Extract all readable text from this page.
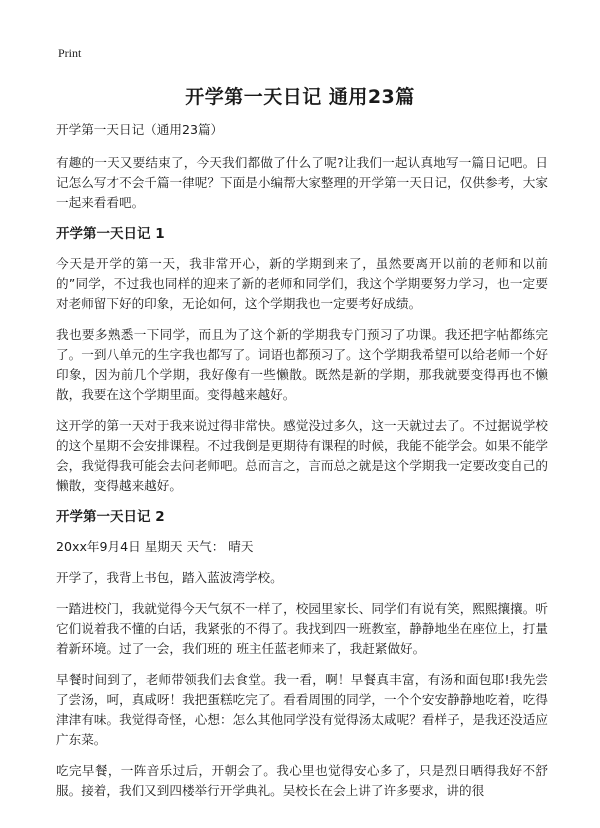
Print
开学第一天日记 通用23篇

开学第一天日记（通用23篇）

有趣的一天又要结束了，今天我们都做了什么了呢?让我们一起认真地写一篇日记吧。日记怎么写才不会千篇一律呢？下面是小编帮大家整理的开学第一天日记，仅供参考，大家一起来看看吧。

开学第一天日记 1

今天是开学的第一天，我非常开心，新的学期到来了，虽然要离开以前的老师和以前的”同学，不过我也同样的迎来了新的老师和同学们，我这个学期要努力学习，也一定要对老师留下好的印象，无论如何，这个学期我也一定要考好成绩。

我也要多熟悉一下同学，而且为了这个新的学期我专门预习了功课。我还把字帖都练完了。一到八单元的生字我也都写了。词语也都预习了。这个学期我希望可以给老师一个好印象，因为前几个学期，我好像有一些懒散。既然是新的学期，那我就要变得再也不懒散，我要在这个学期里面。变得越来越好。

这开学的第一天对于我来说过得非常快。感觉没过多久，这一天就过去了。不过据说学校的这个星期不会安排课程。不过我倒是更期待有课程的时候，我能不能学会。如果不能学会，我觉得我可能会去问老师吧。总而言之，言而总之就是这个学期我一定要改变自己的懒散，变得越来越好。

开学第一天日记 2

20xx年9月4日 星期天 天气： 晴天

开学了，我背上书包，踏入蓝波湾学校。

一踏进校门，我就觉得今天气氛不一样了，校园里家长、同学们有说有笑，熙熙攘攘。听它们说着我不懂的白话，我紧张的不得了。我找到四一班教室，静静地坐在座位上，打量着新环境。过了一会，我们班的 班主任蓝老师来了，我赶紧做好。

早餐时间到了，老师带领我们去食堂。我一看，啊！早餐真丰富，有汤和面包耶!我先尝了尝汤，呵，真咸呀！我把蛋糕吃完了。看看周围的同学，一个个安安静静地吃着，吃得津津有味。我觉得奇怪，心想：怎么其他同学没有觉得汤太咸呢？看样子，是我还没适应广东菜。

吃完早餐，一阵音乐过后，开朝会了。我心里也觉得安心多了，只是烈日晒得我好不舒服。接着，我们又到四楼举行开学典礼。吴校长在会上讲了许多要求，讲的很
